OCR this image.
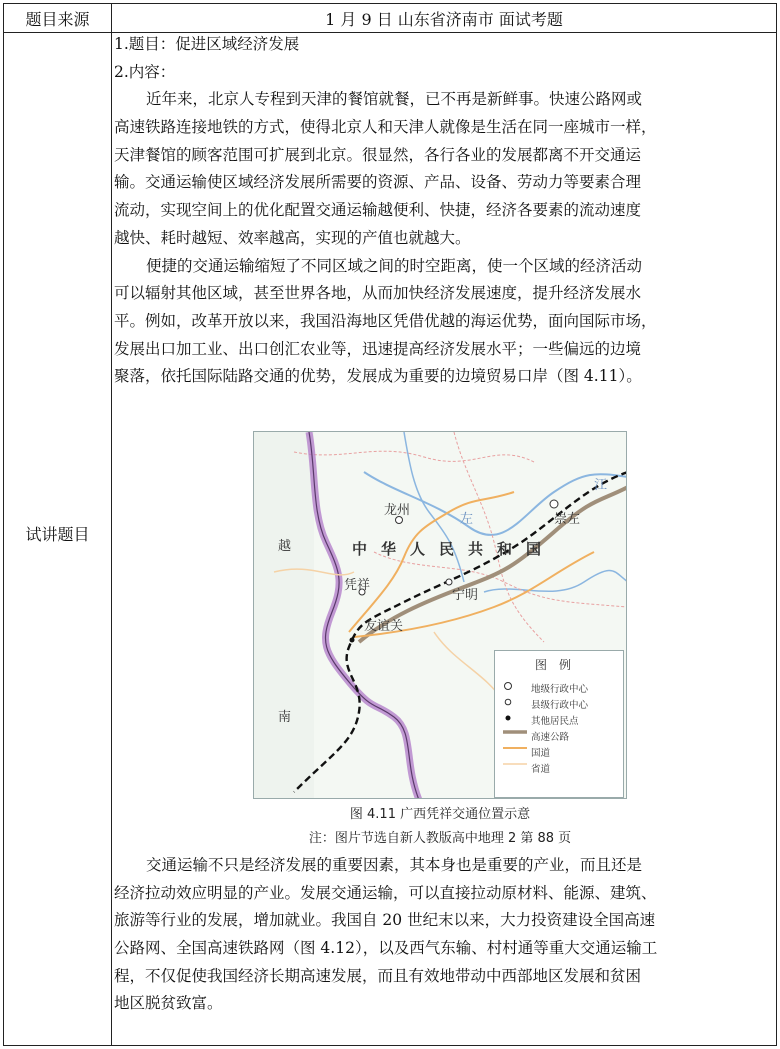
题目来源	1 月 9 日 山东省济南市 面试考题
试讲题目
1.题目：促进区域经济发展
2.内容：
近年来，北京人专程到天津的餐馆就餐，已不再是新鲜事。快速公路网或
高速铁路连接地铁的方式，使得北京人和天津人就像是生活在同一座城市一样，
天津餐馆的顾客范围可扩展到北京。很显然，各行各业的发展都离不开交通运
输。交通运输使区域经济发展所需要的资源、产品、设备、劳动力等要素合理
流动，实现空间上的优化配置交通运输越便利、快捷，经济各要素的流动速度
越快、耗时越短、效率越高，实现的产值也就越大。
便捷的交通运输缩短了不同区域之间的时空距离，使一个区域的经济活动
可以辐射其他区域，甚至世界各地，从而加快经济发展速度，提升经济发展水
平。例如，改革开放以来，我国沿海地区凭借优越的海运优势，面向国际市场，
发展出口加工业、出口创汇农业等，迅速提高经济发展水平；一些偏远的边境
聚落，依托国际陆路交通的优势，发展成为重要的边境贸易口岸（图 4.11）。
中华人民共和国
越
南
龙州
崇左
凭祥
宁明
友谊关
左
江
图例
地级行政中心
县级行政中心
其他居民点
高速公路
国道
省道
图 4.11 广西凭祥交通位置示意
注：图片节选自新人教版高中地理 2 第 88 页
交通运输不只是经济发展的重要因素，其本身也是重要的产业，而且还是
经济拉动效应明显的产业。发展交通运输，可以直接拉动原材料、能源、建筑、
旅游等行业的发展，增加就业。我国自 20 世纪末以来，大力投资建设全国高速
公路网、全国高速铁路网（图 4.12），以及西气东输、村村通等重大交通运输工
程，不仅促使我国经济长期高速发展，而且有效地带动中西部地区发展和贫困
地区脱贫致富。
